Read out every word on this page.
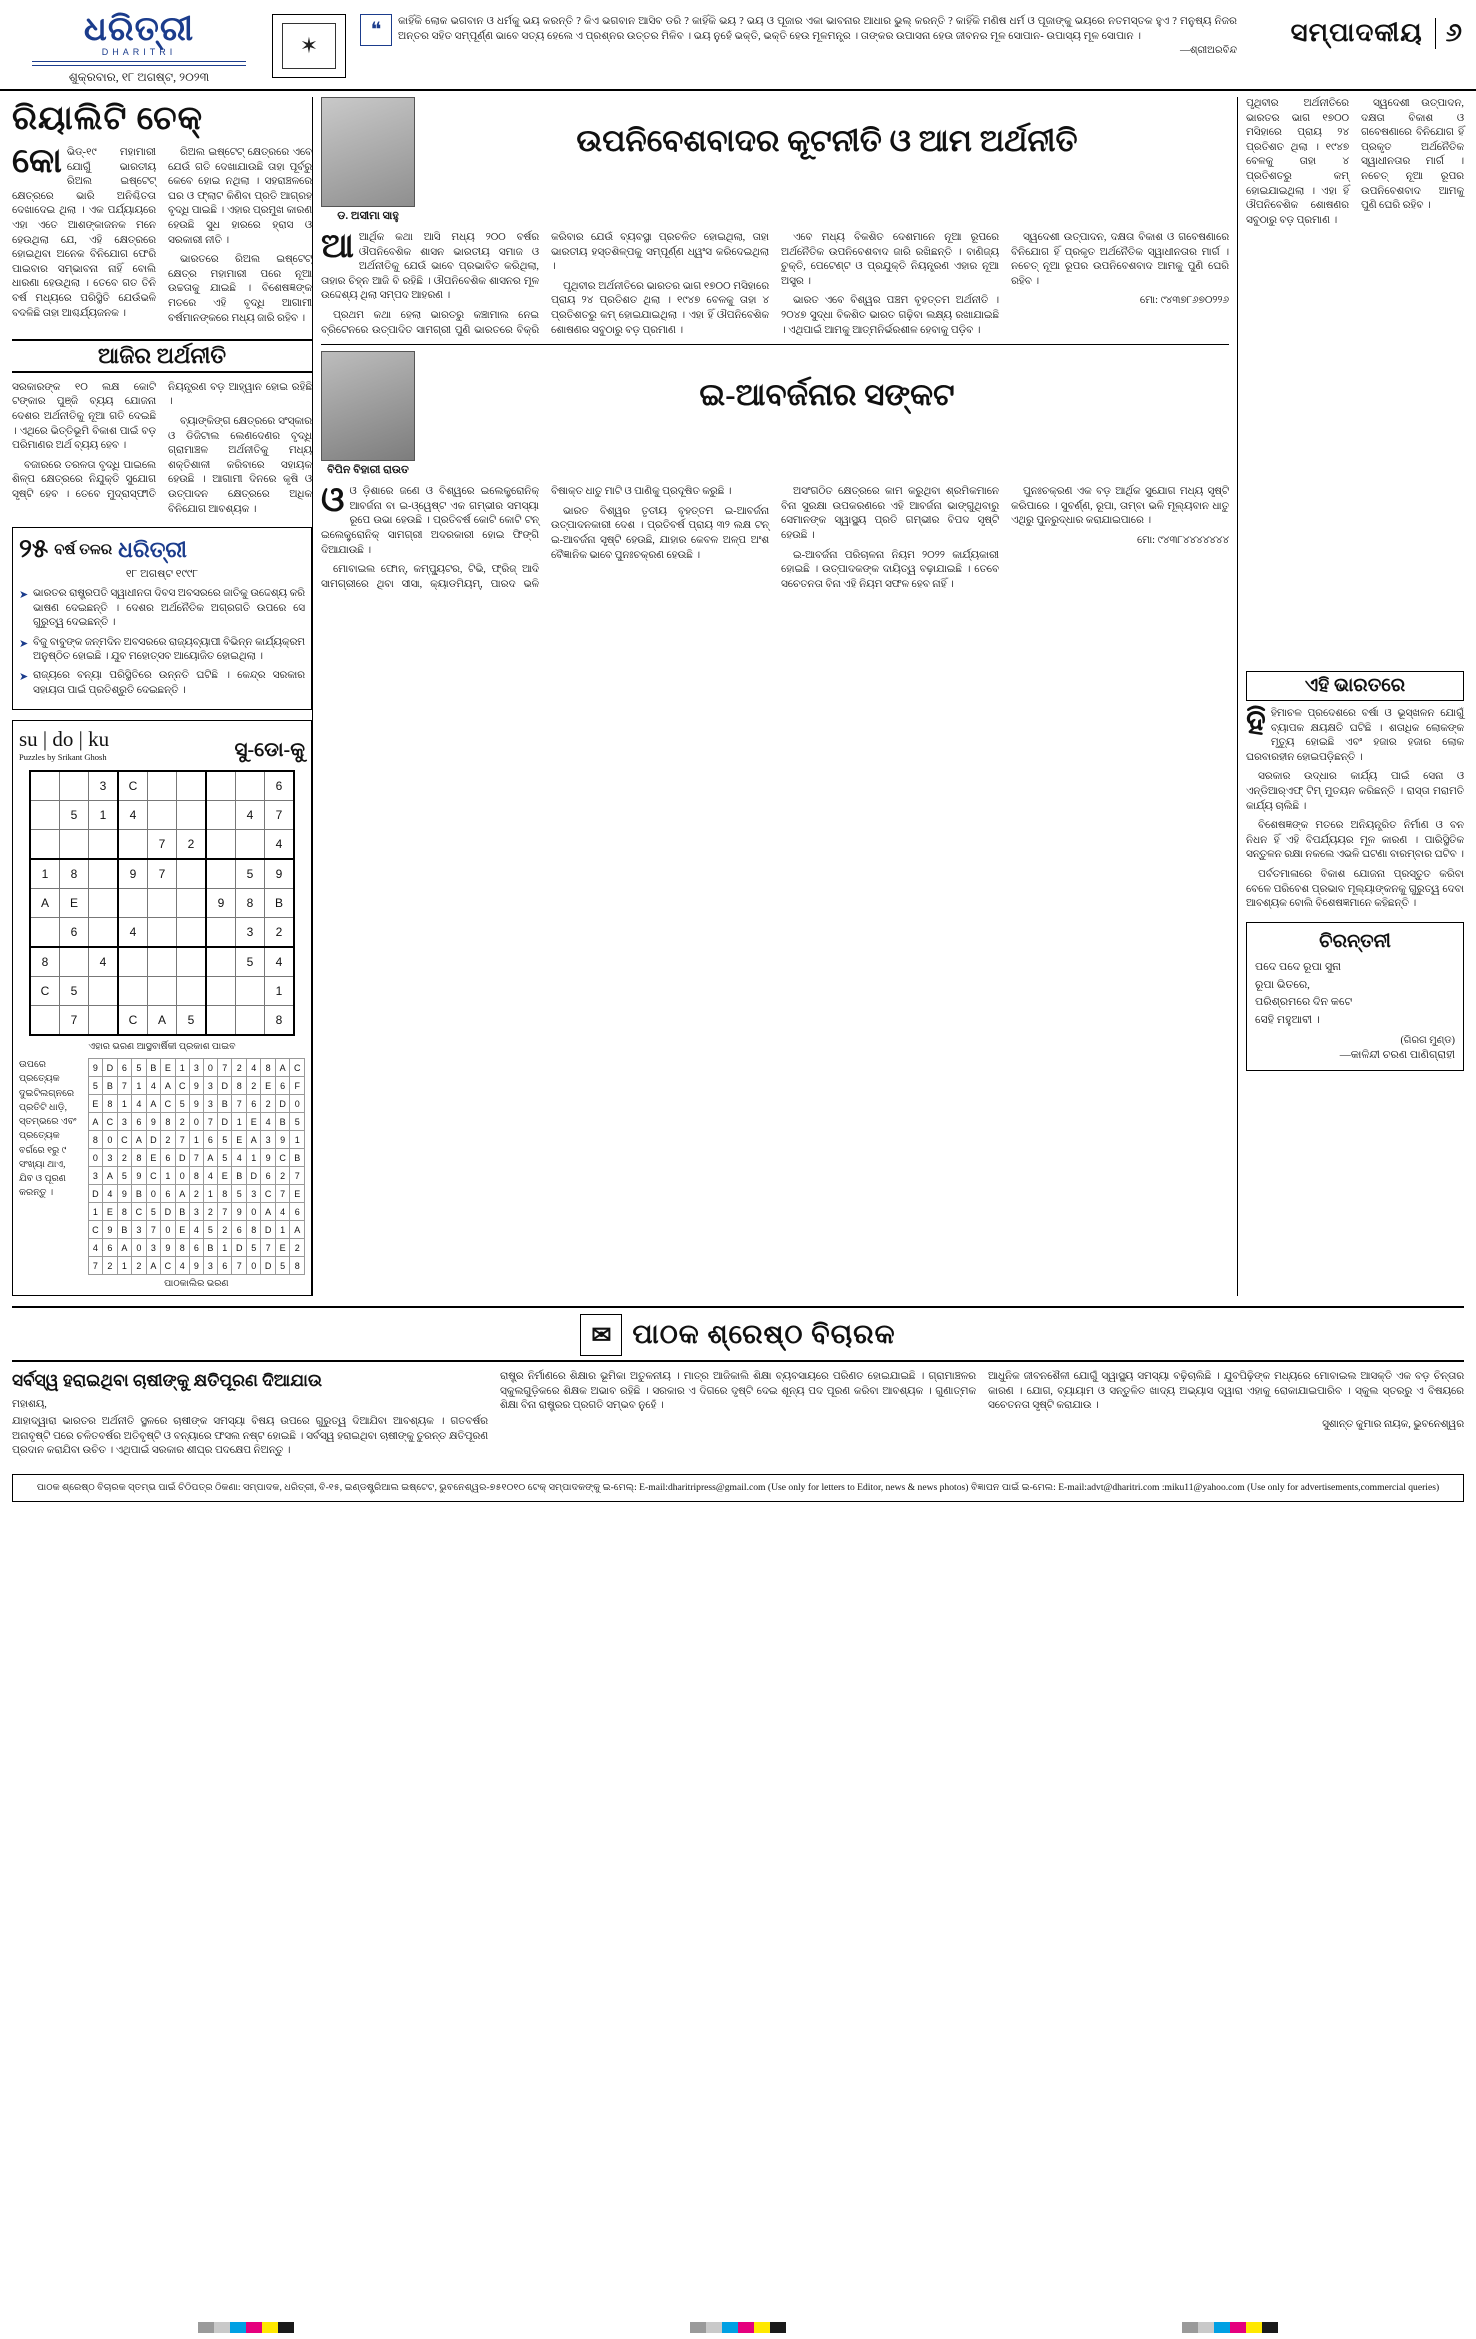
ଧରିତ୍ରୀ
DHARITRI
ଶୁକ୍ରବାର, ୧୮ ଅଗଷ୍ଟ, ୨୦୨୩
✶
❝	କାହିଁକି ଲୋକ ଭଗବାନ ଓ ଧର୍ମକୁ ଭୟ କରନ୍ତି ? କିଏ ଭଗବାନ ଆସିବ ଡରି ? କାହିଁକି ଭୟ ? ଭୟ ଓ ପୂଜାର ଏକା ଭାବନାର ଆଧାର ଭୁଲ୍ କରନ୍ତି ? କାହିଁକି ମଣିଷ ଧର୍ମ ଓ ପୂଜାଙ୍କୁ ଭୟରେ ନତମସ୍ତକ ହୁଏ ? ମନୁଷ୍ୟ ନିଜର ଅନ୍ତର ସହିତ ସମ୍ପୂର୍ଣ୍ଣ ଭାବେ ସତ୍ୟ ହେଲେ ଏ ପ୍ରଶ୍ନର ଉତ୍ତର ମିଳିବ । ଭୟ ନୁହେଁ ଭକ୍ତି, ଭକ୍ତି ହେଉ ମୂଳମନ୍ତ୍ର । ତାଙ୍କର ଉପାସନା ହେଉ ଜୀବନର ମୂଳ ସୋପାନ- ଉପାସ୍ୟ ମୂଳ ସୋପାନ ।
—ଶ୍ରୀଅରବିନ୍ଦ
ସମ୍ପାଦକୀୟ ୬
ରିୟାଲିଟି ଚେକ୍

କୋଭିଡ୍-୧୯ ମହାମାରୀ ଯୋଗୁଁ ଭାରତୀୟ ରିଅଲ ଇଷ୍ଟେଟ୍ କ୍ଷେତ୍ରରେ ଭାରି ଅନିଶ୍ଚିତତା ଦେଖାଦେଇ ଥିଲା । ଏକ ପର୍ଯ୍ୟାୟରେ ଏହା ଏତେ ଆଶଙ୍କାଜନକ ମନେ ହେଉଥିଲା ଯେ, ଏହି କ୍ଷେତ୍ରରେ ହୋଇଥିବା ଅନେକ ବିନିଯୋଗ ଫେରି ପାଇବାର ସମ୍ଭାବନା ନାହିଁ ବୋଲି ଧାରଣା ହେଉଥିଲା । ତେବେ ଗତ ତିନି ବର୍ଷ ମଧ୍ୟରେ ପରିସ୍ଥିତି ଯେଉଁଭଳି ବଦଳିଛି ତାହା ଆଶ୍ଚର୍ଯ୍ୟଜନକ ।

ରିଅଲ ଇଷ୍ଟେଟ୍ କ୍ଷେତ୍ରରେ ଏବେ ଯେଉଁ ଗତି ଦେଖାଯାଉଛି ତାହା ପୂର୍ବରୁ କେବେ ହୋଇ ନଥିଲା । ସହରାଞ୍ଚଳରେ ଘର ଓ ଫ୍ଲାଟ କିଣିବା ପ୍ରତି ଆଗ୍ରହ ବୃଦ୍ଧି ପାଇଛି । ଏହାର ପ୍ରମୁଖ କାରଣ ହେଉଛି ସୁଧ ହାରରେ ହ୍ରାସ ଓ ସରକାରୀ ନୀତି ।

ଭାରତରେ ରିଅଲ ଇଷ୍ଟେଟ୍ କ୍ଷେତ୍ର ମହାମାରୀ ପରେ ନୂଆ ଉଚ୍ଚତାକୁ ଯାଇଛି । ବିଶେଷଜ୍ଞଙ୍କ ମତରେ ଏହି ବୃଦ୍ଧି ଆଗାମୀ ବର୍ଷମାନଙ୍କରେ ମଧ୍ୟ ଜାରି ରହିବ ।

ଆଜିର ଅର୍ଥନୀତି

ସରକାରଙ୍କ ୧୦ ଲକ୍ଷ କୋଟି ଟଙ୍କାର ପୁଞ୍ଜି ବ୍ୟୟ ଯୋଜନା ଦେଶର ଅର୍ଥନୀତିକୁ ନୂଆ ଗତି ଦେଇଛି । ଏଥିରେ ଭିତ୍ତିଭୂମି ବିକାଶ ପାଇଁ ବଡ଼ ପରିମାଣର ଅର୍ଥ ବ୍ୟୟ ହେବ ।

ବଜାରରେ ତରଳତା ବୃଦ୍ଧି ପାଇଲେ ଶିଳ୍ପ କ୍ଷେତ୍ରରେ ନିଯୁକ୍ତି ସୁଯୋଗ ସୃଷ୍ଟି ହେବ । ତେବେ ମୁଦ୍ରାସ୍ଫୀତି ନିୟନ୍ତ୍ରଣ ବଡ଼ ଆହ୍ୱାନ ହୋଇ ରହିଛି ।

ବ୍ୟାଙ୍କିଙ୍ଗ କ୍ଷେତ୍ରରେ ସଂସ୍କାର ଓ ଡିଜିଟାଲ ଲେଣଦେଣର ବୃଦ୍ଧି ଗ୍ରାମାଞ୍ଚଳ ଅର୍ଥନୀତିକୁ ମଧ୍ୟ ଶକ୍ତିଶାଳୀ କରିବାରେ ସହାୟକ ହେଉଛି । ଆଗାମୀ ଦିନରେ କୃଷି ଓ ଉତ୍ପାଦନ କ୍ଷେତ୍ରରେ ଅଧିକ ବିନିଯୋଗ ଆବଶ୍ୟକ ।

୨୫ ବର୍ଷ ତଳର ଧରିତ୍ରୀ
୧୮ ଅଗଷ୍ଟ ୧୯୯୮
➤ ଭାରତର ରାଷ୍ଟ୍ରପତି ସ୍ୱାଧୀନତା ଦିବସ ଅବସରରେ ଜାତିକୁ ଉଦ୍ଦେଶ୍ୟ କରି ଭାଷଣ ଦେଇଛନ୍ତି । ଦେଶର ଅର୍ଥନୈତିକ ଅଗ୍ରଗତି ଉପରେ ସେ ଗୁରୁତ୍ୱ ଦେଇଛନ୍ତି ।
➤ ବିଜୁ ବାବୁଙ୍କ ଜନ୍ମଦିନ ଅବସରରେ ରାଜ୍ୟବ୍ୟାପୀ ବିଭିନ୍ନ କାର୍ଯ୍ୟକ୍ରମ ଅନୁଷ୍ଠିତ ହୋଇଛି । ଯୁବ ମହୋତ୍ସବ ଆୟୋଜିତ ହୋଇଥିଲା ।
➤ ରାଜ୍ୟରେ ବନ୍ୟା ପରିସ୍ଥିତିରେ ଉନ୍ନତି ଘଟିଛି । କେନ୍ଦ୍ର ସରକାର ସହାୟତା ପାଇଁ ପ୍ରତିଶ୍ରୁତି ଦେଇଛନ୍ତି ।
su | do | ku
Puzzles by Srikant Ghosh	ସୁ-ଡୋ-କୁ
		3	C					6
	5	1	4				4	7
				7	2			4
1	8		9	7			5	9
A	E					9	8	B
	6		4				3	2
8		4					5	4
C	5							1
	7		C	A	5			8
ଏହାର ଭରଣ ଆସ୍ଥବାର୍ଷିକୀ ପ୍ରକାଶ ପାଇବ
ଉପରେ ପ୍ରତ୍ୟେକ ଦୁଇଟିଲଗ୍ନରେ ପ୍ରତିଟି ଧାଡ଼ି, ସ୍ତମ୍ଭରେ ଏବଂ ପ୍ରତ୍ୟେକ ବର୍ଗରେ ୧ରୁ ୯ ସଂଖ୍ୟା ଥାଏ, ଯିବ ଓ ପୂରଣ କରନ୍ତୁ ।
9	D	6	5	B	E	1	3	0	7	2	4	8	A	C
5	B	7	1	4	A	C	9	3	D	8	2	E	6	F
E	8	1	4	A	C	5	9	3	B	7	6	2	D	0
A	C	3	6	9	8	2	0	7	D	1	E	4	B	5
8	0	C	A	D	2	7	1	6	5	E	A	3	9	1
0	3	2	8	E	6	D	7	A	5	4	1	9	C	B
3	A	5	9	C	1	0	8	4	E	B	D	6	2	7
D	4	9	B	0	6	A	2	1	8	5	3	C	7	E
1	E	8	C	5	D	B	3	2	7	9	0	A	4	6
C	9	B	3	7	0	E	4	5	2	6	8	D	1	A
4	6	A	0	3	9	8	6	B	1	D	5	7	E	2
7	2	1	2	A	C	4	9	3	6	7	0	D	5	8
ପାଠକାଲିର ଭରଣ
ଡ. ଅସୀମା ସାହୁ
ଉପନିବେଶବାଦର କୂଟନୀତି ଓ ଆମ ଅର୍ଥନୀତି

ଆଆର୍ଥିକ କଥା ଆସି ମଧ୍ୟ ୨୦୦ ବର୍ଷର ଔପନିବେଶିକ ଶାସନ ଭାରତୀୟ ସମାଜ ଓ ଅର୍ଥନୀତିକୁ ଯେଉଁ ଭାବେ ପ୍ରଭାବିତ କରିଥିଲା, ତାହାର ଚିହ୍ନ ଆଜି ବି ରହିଛି । ଔପନିବେଶିକ ଶାସନର ମୂଳ ଉଦ୍ଦେଶ୍ୟ ଥିଲା ସମ୍ପଦ ଆହରଣ ।

ପ୍ରଥମ କଥା ହେଲା ଭାରତରୁ କଞ୍ଚାମାଲ ନେଇ ବ୍ରିଟେନରେ ଉତ୍ପାଦିତ ସାମଗ୍ରୀ ପୁଣି ଭାରତରେ ବିକ୍ରି କରିବାର ଯେଉଁ ବ୍ୟବସ୍ଥା ପ୍ରଚଳିତ ହୋଇଥିଲା, ତାହା ଭାରତୀୟ ହସ୍ତଶିଳ୍ପକୁ ସମ୍ପୂର୍ଣ୍ଣ ଧ୍ୱଂସ କରିଦେଇଥିଲା ।

ପୃଥିବୀର ଅର୍ଥନୀତିରେ ଭାରତର ଭାଗ ୧୭୦୦ ମସିହାରେ ପ୍ରାୟ ୨୪ ପ୍ରତିଶତ ଥିଲା । ୧୯୪୭ ବେଳକୁ ତାହା ୪ ପ୍ରତିଶତରୁ କମ୍ ହୋଇଯାଇଥିଲା । ଏହା ହିଁ ଔପନିବେଶିକ ଶୋଷଣର ସବୁଠାରୁ ବଡ଼ ପ୍ରମାଣ ।

ଏବେ ମଧ୍ୟ ବିକଶିତ ଦେଶମାନେ ନୂଆ ରୂପରେ ଅର୍ଥନୈତିକ ଉପନିବେଶବାଦ ଜାରି ରଖିଛନ୍ତି । ବାଣିଜ୍ୟ ଚୁକ୍ତି, ପେଟେଣ୍ଟ ଓ ପ୍ରଯୁକ୍ତି ନିୟନ୍ତ୍ରଣ ଏହାର ନୂଆ ଅସ୍ତ୍ର ।

ଭାରତ ଏବେ ବିଶ୍ୱର ପଞ୍ଚମ ବୃହତ୍ତମ ଅର୍ଥନୀତି । ୨୦୪୭ ସୁଦ୍ଧା ବିକଶିତ ଭାରତ ଗଢ଼ିବା ଲକ୍ଷ୍ୟ ରଖାଯାଇଛି । ଏଥିପାଇଁ ଆମକୁ ଆତ୍ମନିର୍ଭରଶୀଳ ହେବାକୁ ପଡ଼ିବ ।

ସ୍ୱଦେଶୀ ଉତ୍ପାଦନ, ଦକ୍ଷତା ବିକାଶ ଓ ଗବେଷଣାରେ ବିନିଯୋଗ ହିଁ ପ୍ରକୃତ ଅର୍ଥନୈତିକ ସ୍ୱାଧୀନତାର ମାର୍ଗ । ନଚେତ୍ ନୂଆ ରୂପର ଉପନିବେଶବାଦ ଆମକୁ ପୁଣି ଘେରି ରହିବ ।

ମୋ: ୯୪୩୭୮୬୭୦୨୨୬

ବିପିନ ବିହାରୀ ରାଉତ
ଇ-ଆବର୍ଜନାର ସଙ୍କଟ

ଓଓ ଡ଼ିଶାରେ ଜଣେ ଓ ବିଶ୍ୱରେ ଇଲେକ୍ଟ୍ରୋନିକ୍ ଆବର୍ଜନା ବା ଇ-ଓ୍ୱେଷ୍ଟ ଏକ ଗମ୍ଭୀର ସମସ୍ୟା ରୂପେ ଉଭା ହେଉଛି । ପ୍ରତିବର୍ଷ କୋଟି କୋଟି ଟନ୍ ଇଲେକ୍ଟ୍ରୋନିକ୍ ସାମଗ୍ରୀ ଅଦରକାରୀ ହୋଇ ଫିଙ୍ଗି ଦିଆଯାଉଛି ।

ମୋବାଇଲ ଫୋନ୍, କମ୍ପ୍ୟୁଟର, ଟିଭି, ଫ୍ରିଜ୍ ଆଦି ସାମଗ୍ରୀରେ ଥିବା ସୀସା, କ୍ୟାଡମିୟମ୍, ପାରଦ ଭଳି ବିଷାକ୍ତ ଧାତୁ ମାଟି ଓ ପାଣିକୁ ପ୍ରଦୂଷିତ କରୁଛି ।

ଭାରତ ବିଶ୍ୱର ତୃତୀୟ ବୃହତ୍ତମ ଇ-ଆବର୍ଜନା ଉତ୍ପାଦନକାରୀ ଦେଶ । ପ୍ରତିବର୍ଷ ପ୍ରାୟ ୩୨ ଲକ୍ଷ ଟନ୍ ଇ-ଆବର୍ଜନା ସୃଷ୍ଟି ହେଉଛି, ଯାହାର କେବଳ ଅଳ୍ପ ଅଂଶ ବୈଜ୍ଞାନିକ ଭାବେ ପୁନଃଚକ୍ରଣ ହେଉଛି ।

ଅସଂଗଠିତ କ୍ଷେତ୍ରରେ କାମ କରୁଥିବା ଶ୍ରମିକମାନେ ବିନା ସୁରକ୍ଷା ଉପକରଣରେ ଏହି ଆବର୍ଜନା ଭାଙ୍ଗୁଥିବାରୁ ସେମାନଙ୍କ ସ୍ୱାସ୍ଥ୍ୟ ପ୍ରତି ଗମ୍ଭୀର ବିପଦ ସୃଷ୍ଟି ହେଉଛି ।

ଇ-ଆବର୍ଜନା ପରିଚାଳନା ନିୟମ ୨୦୨୨ କାର୍ଯ୍ୟକାରୀ ହୋଇଛି । ଉତ୍ପାଦକଙ୍କ ଦାୟିତ୍ୱ ବଢ଼ାଯାଇଛି । ତେବେ ସଚେତନତା ବିନା ଏହି ନିୟମ ସଫଳ ହେବ ନାହିଁ ।

ପୁନଃଚକ୍ରଣ ଏକ ବଡ଼ ଆର୍ଥିକ ସୁଯୋଗ ମଧ୍ୟ ସୃଷ୍ଟି କରିପାରେ । ସୁବର୍ଣ୍ଣ, ରୂପା, ତାମ୍ବା ଭଳି ମୂଲ୍ୟବାନ ଧାତୁ ଏଥିରୁ ପୁନରୁଦ୍ଧାର କରାଯାଇପାରେ ।

ମୋ: ୯୪୩୮୪୪୪୪୪୪୪

ପୃଥିବୀର ଅର୍ଥନୀତିରେ ଭାରତର ଭାଗ ୧୭୦୦ ମସିହାରେ ପ୍ରାୟ ୨୪ ପ୍ରତିଶତ ଥିଲା । ୧୯୪୭ ବେଳକୁ ତାହା ୪ ପ୍ରତିଶତରୁ କମ୍ ହୋଇଯାଇଥିଲା । ଏହା ହିଁ ଔପନିବେଶିକ ଶୋଷଣର ସବୁଠାରୁ ବଡ଼ ପ୍ରମାଣ ।

ସ୍ୱଦେଶୀ ଉତ୍ପାଦନ, ଦକ୍ଷତା ବିକାଶ ଓ ଗବେଷଣାରେ ବିନିଯୋଗ ହିଁ ପ୍ରକୃତ ଅର୍ଥନୈତିକ ସ୍ୱାଧୀନତାର ମାର୍ଗ । ନଚେତ୍ ନୂଆ ରୂପର ଉପନିବେଶବାଦ ଆମକୁ ପୁଣି ଘେରି ରହିବ ।

ଏହି ଭାରତରେ

ହିହିମାଚଳ ପ୍ରଦେଶରେ ବର୍ଷା ଓ ଭୂସ୍ଖଳନ ଯୋଗୁଁ ବ୍ୟାପକ କ୍ଷୟକ୍ଷତି ଘଟିଛି । ଶତାଧିକ ଲୋକଙ୍କ ମୃତ୍ୟୁ ହୋଇଛି ଏବଂ ହଜାର ହଜାର ଲୋକ ଘରବାରହୀନ ହୋଇପଡ଼ିଛନ୍ତି ।

ସରକାର ଉଦ୍ଧାର କାର୍ଯ୍ୟ ପାଇଁ ସେନା ଓ ଏନ୍‌ଡିଆର୍‌ଏଫ୍ ଟିମ୍ ମୁତୟନ କରିଛନ୍ତି । ରାସ୍ତା ମରାମତି କାର୍ଯ୍ୟ ଚାଲିଛି ।

ବିଶେଷଜ୍ଞଙ୍କ ମତରେ ଅନିୟନ୍ତ୍ରିତ ନିର୍ମାଣ ଓ ବନ ନିଧନ ହିଁ ଏହି ବିପର୍ଯ୍ୟୟର ମୂଳ କାରଣ । ପାରିସ୍ଥିତିକ ସନ୍ତୁଳନ ରକ୍ଷା ନକଲେ ଏଭଳି ଘଟଣା ବାରମ୍ବାର ଘଟିବ ।

ପର୍ବତମାଳାରେ ବିକାଶ ଯୋଜନା ପ୍ରସ୍ତୁତ କରିବା ବେଳେ ପରିବେଶ ପ୍ରଭାବ ମୂଲ୍ୟାଙ୍କନକୁ ଗୁରୁତ୍ୱ ଦେବା ଆବଶ୍ୟକ ବୋଲି ବିଶେଷଜ୍ଞମାନେ କହିଛନ୍ତି ।

ଚିରନ୍ତନୀ
ପଦେ ପଦେ ରୂପା ସୁନା
ରୂପା ଭିତରେ,
ପରିଶ୍ରମରେ ଦିନ କଟେ
ସେହି ମହୁଆବୀ ।
(ଗିରଗ ମୁଣ୍ଡ)
—କାଳିନ୍ଦୀ ଚରଣ ପାଣିଗ୍ରାହୀ
✉ ପାଠକ ଶ୍ରେଷ୍ଠ ବିଚାରକ
ସର୍ବସ୍ୱ ହରାଇଥିବା ଚାଷୀଙ୍କୁ କ୍ଷତିପୂରଣ ଦିଆଯାଉ
ମହାଶୟ,

ଯାହାଦ୍ୱାରା ଭାରତର ଅର୍ଥନୀତି ସ୍ଥଳରେ ଚାଷୀଙ୍କ ସମସ୍ୟା ବିଷୟ ଉପରେ ଗୁରୁତ୍ୱ ଦିଆଯିବା ଆବଶ୍ୟକ । ଗତବର୍ଷର ଅନାବୃଷ୍ଟି ପରେ ଚଳିତବର୍ଷର ଅତିବୃଷ୍ଟି ଓ ବନ୍ୟାରେ ଫସଲ ନଷ୍ଟ ହୋଇଛି । ସର୍ବସ୍ୱ ହରାଇଥିବା ଚାଷୀଙ୍କୁ ତୁରନ୍ତ କ୍ଷତିପୂରଣ ପ୍ରଦାନ କରାଯିବା ଉଚିତ । ଏଥିପାଇଁ ସରକାର ଶୀଘ୍ର ପଦକ୍ଷେପ ନିଅନ୍ତୁ ।

ରାଷ୍ଟ୍ର ନିର୍ମାଣରେ ଶିକ୍ଷାର ଭୂମିକା ଅତୁଳନୀୟ । ମାତ୍ର ଆଜିକାଲି ଶିକ୍ଷା ବ୍ୟବସାୟରେ ପରିଣତ ହୋଇଯାଇଛି । ଗ୍ରାମାଞ୍ଚଳର ସ୍କୁଲଗୁଡ଼ିକରେ ଶିକ୍ଷକ ଅଭାବ ରହିଛି । ସରକାର ଏ ଦିଗରେ ଦୃଷ୍ଟି ଦେଇ ଶୂନ୍ୟ ପଦ ପୂରଣ କରିବା ଆବଶ୍ୟକ । ଗୁଣାତ୍ମକ ଶିକ୍ଷା ବିନା ରାଷ୍ଟ୍ରର ପ୍ରଗତି ସମ୍ଭବ ନୁହେଁ ।

ଆଧୁନିକ ଜୀବନଶୈଳୀ ଯୋଗୁଁ ସ୍ୱାସ୍ଥ୍ୟ ସମସ୍ୟା ବଢ଼ିଚାଲିଛି । ଯୁବପିଢ଼ିଙ୍କ ମଧ୍ୟରେ ମୋବାଇଲ ଆସକ୍ତି ଏକ ବଡ଼ ଚିନ୍ତାର କାରଣ । ଯୋଗ, ବ୍ୟାୟାମ ଓ ସନ୍ତୁଳିତ ଖାଦ୍ୟ ଅଭ୍ୟାସ ଦ୍ୱାରା ଏହାକୁ ରୋକାଯାଇପାରିବ । ସ୍କୁଲ ସ୍ତରରୁ ଏ ବିଷୟରେ ସଚେତନତା ସୃଷ୍ଟି କରାଯାଉ ।

ସୁଶାନ୍ତ କୁମାର ନାୟକ, ଭୁବନେଶ୍ୱର
ପାଠକ ଶ୍ରେଷ୍ଠ ବିଚାରକ ସ୍ତମ୍ଭ ପାଇଁ ଚିଠିପତ୍ର ଠିକଣା: ସମ୍ପାଦକ, ଧରିତ୍ରୀ, ବି-୧୫, ଇଣ୍ଡଷ୍ଟ୍ରିଆଲ ଇଷ୍ଟେଟ, ଭୁବନେଶ୍ୱର-୭୫୧୦୧୦ ଟେକ୍ ସମ୍ପାଦକଙ୍କୁ ଇ-ମେଲ୍: E-mail:dharitripress@gmail.com (Use only for letters to Editor, news & news photos) ବିଜ୍ଞାପନ ପାଇଁ ଇ-ମେଲ: E-mail:advt@dharitri.com :miku11@yahoo.com (Use only for advertisements,commercial queries)
